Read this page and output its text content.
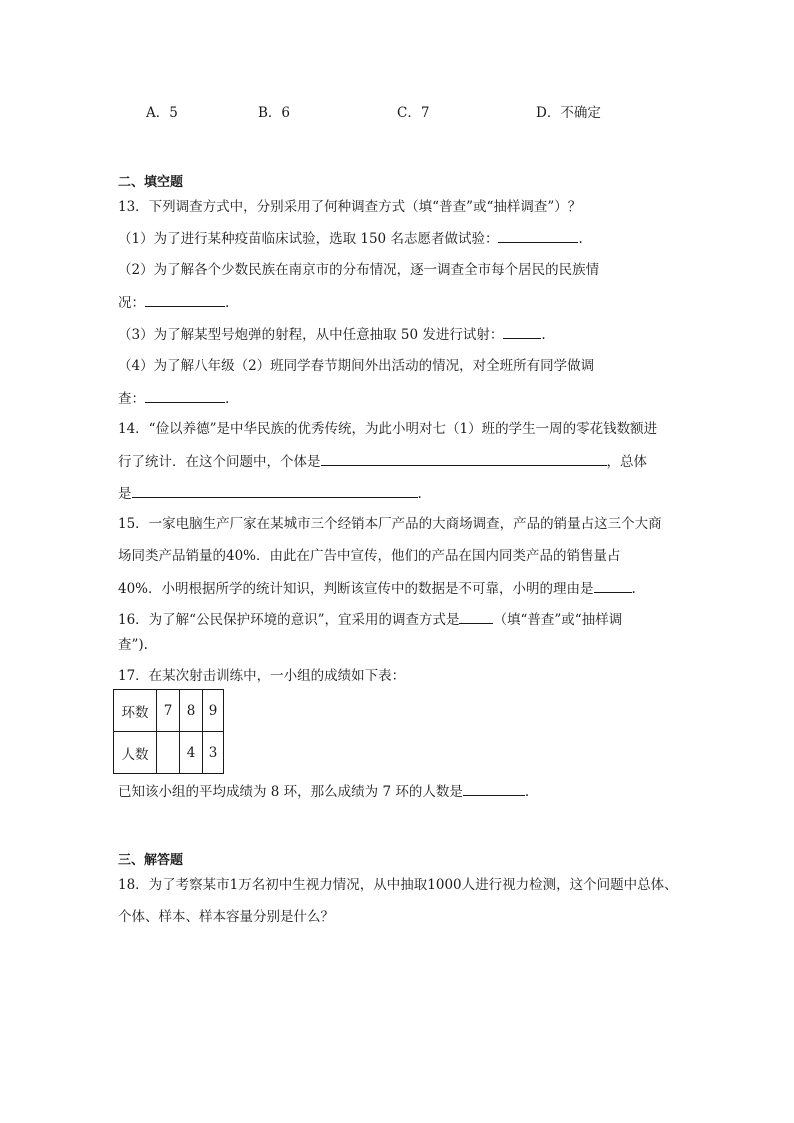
A．5	B．6	C．7	D．不确定
二、填空题
13．下列调查方式中，分别采用了何种调查方式（填“普查”或“抽样调查”）？
（1）为了进行某种疫苗临床试验，选取 150 名志愿者做试验：	.
（2）为了解各个少数民族在南京市的分布情况，逐一调查全市每个居民的民族情
况：	.
（3）为了解某型号炮弹的射程，从中任意抽取 50 发进行试射：	.
（4）为了解八年级（2）班同学春节期间外出活动的情况，对全班所有同学做调
查：	.
14．“俭以养德”是中华民族的优秀传统，为此小明对七（1）班的学生一周的零花钱数额进
行了统计．在这个问题中，个体是	，总体
是	.
15．一家电脑生产厂家在某城市三个经销本厂产品的大商场调查，产品的销量占这三个大商
场同类产品销量的40%．由此在广告中宣传，他们的产品在国内同类产品的销售量占
40%．小明根据所学的统计知识，判断该宣传中的数据是不可靠，小明的理由是	.
16．为了解“公民保护环境的意识”，宜采用的调查方式是	（填“普查”或“抽样调
查”).
17．在某次射击训练中，一小组的成绩如下表：
环数	7	8	9
人数		4	3
已知该小组的平均成绩为 8 环，那么成绩为 7 环的人数是	.
三、解答题
18．为了考察某市1万名初中生视力情况，从中抽取1000人进行视力检测，这个问题中总体、
个体、样本、样本容量分别是什么？
